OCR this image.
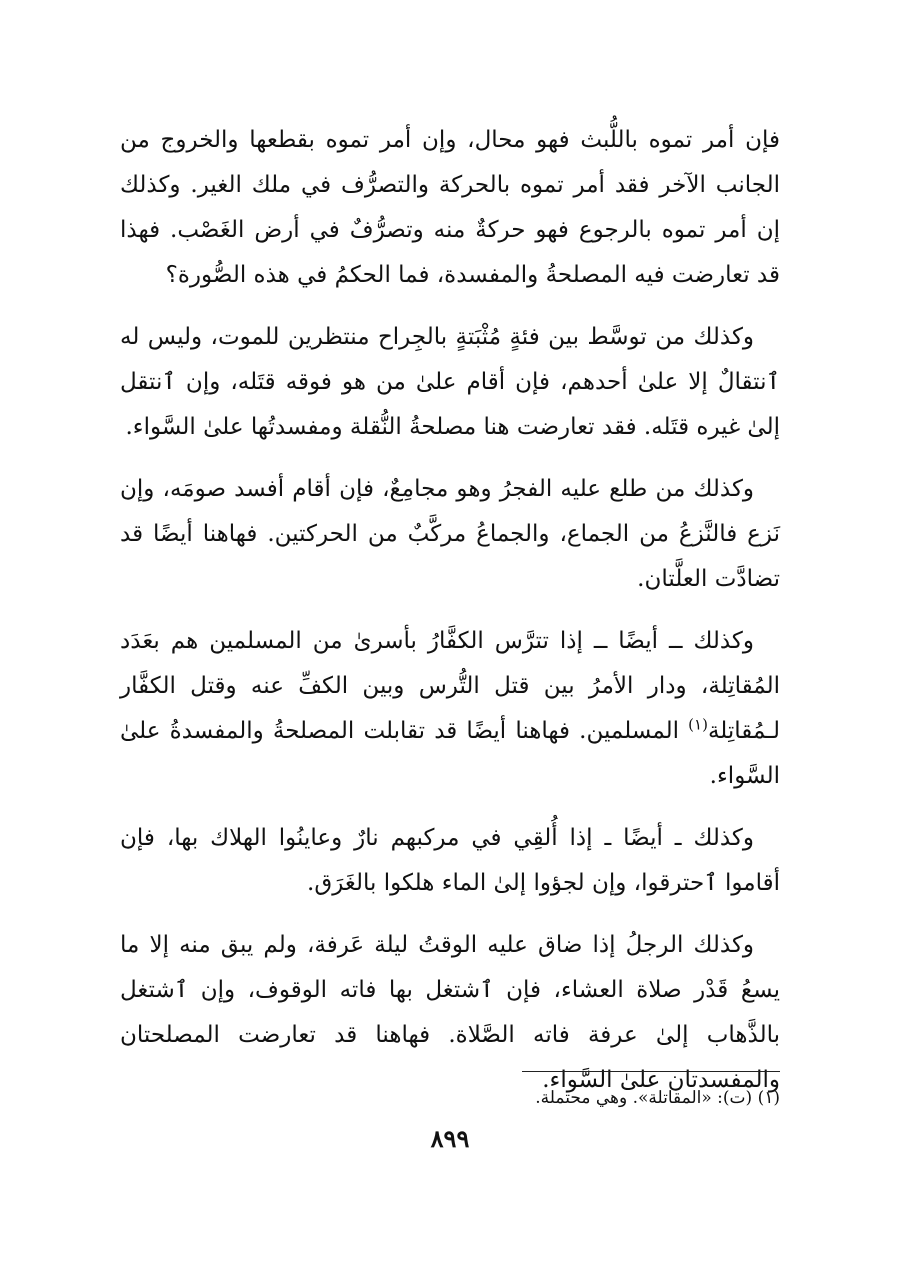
فإن أمر تموه باللُّبث فهو محال، وإن أمر تموه بقطعها والخروج من الجانب الآخر فقد أمر تموه بالحركة والتصرُّف في ملك الغير. وكذلك إن أمر تموه بالرجوع فهو حركةٌ منه وتصرُّفٌ في أرض الغَصْب. فهذا قد تعارضت فيه المصلحةُ والمفسدة، فما الحكمُ في هذه الصُّورة؟

وكذلك من توسَّط بين فئةٍ مُثْبَتةٍ بالجِراح منتظرين للموت، وليس له ٱنتقالٌ إلا علىٰ أحدهم، فإن أقام علىٰ من هو فوقه قتَله، وإن ٱنتقل إلىٰ غيره قتَله. فقد تعارضت هنا مصلحةُ النُّقلة ومفسدتُها علىٰ السَّواء.

وكذلك من طلع عليه الفجرُ وهو مجامِعٌ، فإن أقام أفسد صومَه، وإن نَزع فالنَّزعُ من الجماع، والجماعُ مركَّبٌ من الحركتين. فهاهنا أيضًا قد تضادَّت العلَّتان.

وكذلك ــ أيضًا ــ إذا تترَّس الكفَّارُ بأسرىٰ من المسلمين هم بعَدَد المُقاتِلة، ودار الأمرُ بين قتل التُّرس وبين الكفِّ عنه وقتل الكفَّار لـمُقاتِلة$^{(١)}$ المسلمين. فهاهنا أيضًا قد تقابلت المصلحةُ والمفسدةُ علىٰ السَّواء.

وكذلك ـ أيضًا ـ إذا أُلقِي في مركبهم نارٌ وعاينُوا الهلاك بها، فإن أقاموا ٱحترقوا، وإن لجؤوا إلىٰ الماء هلكوا بالغَرَق.

وكذلك الرجلُ إذا ضاق عليه الوقتُ ليلة عَرفة، ولم يبق منه إلا ما يسعُ قَدْر صلاة العشاء، فإن ٱشتغل بها فاته الوقوف، وإن ٱشتغل بالذَّهاب إلىٰ عرفة فاته الصَّلاة. فهاهنا قد تعارضت المصلحتان والمفسدتان علىٰ السَّواء.

(١) (ت): «المقاتلة». وهي محتملة.
٨٩٩
